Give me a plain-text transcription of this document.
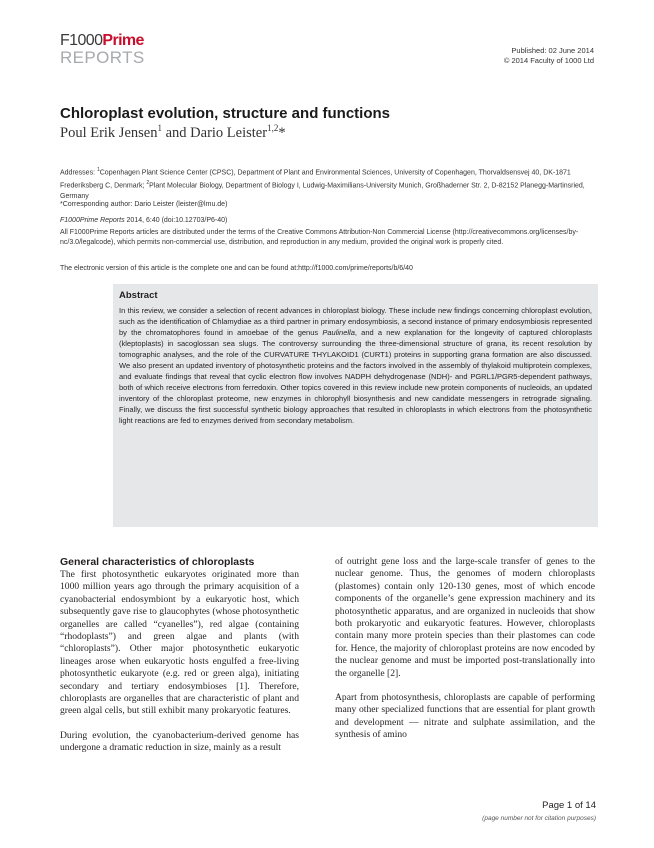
F1000Prime
REPORTS	Published: 02 June 2014
© 2014 Faculty of 1000 Ltd
Chloroplast evolution, structure and functions
Poul Erik Jensen$^1$ and Dario Leister$^{1,2}$*
Addresses: $^1$Copenhagen Plant Science Center (CPSC), Department of Plant and Environmental Sciences, University of Copenhagen, Thorvaldsensvej 40, DK-1871 Frederiksberg C, Denmark; $^2$Plant Molecular Biology, Department of Biology I, Ludwig-Maximilians-University Munich, Großhaderner Str. 2, D-82152 Planegg-Martinsried, Germany
*Corresponding author: Dario Leister (leister@lmu.de)
F1000Prime Reports 2014, 6:40 (doi:10.12703/P6-40)
All F1000Prime Reports articles are distributed under the terms of the Creative Commons Attribution-Non Commercial License (http://creativecommons.org/licenses/by-nc/3.0/legalcode), which permits non-commercial use, distribution, and reproduction in any medium, provided the original work is properly cited.
The electronic version of this article is the complete one and can be found at:http://f1000.com/prime/reports/b/6/40
Abstract
In this review, we consider a selection of recent advances in chloroplast biology. These include new findings concerning chloroplast evolution, such as the identification of Chlamydiae as a third partner in primary endosymbiosis, a second instance of primary endosymbiosis represented by the chromatophores found in amoebae of the genus Paulinella, and a new explanation for the longevity of captured chloroplasts (kleptoplasts) in sacoglossan sea slugs. The controversy surrounding the three-dimensional structure of grana, its recent resolution by tomographic analyses, and the role of the CURVATURE THYLAKOID1 (CURT1) proteins in supporting grana formation are also discussed. We also present an updated inventory of photosynthetic proteins and the factors involved in the assembly of thylakoid multiprotein complexes, and evaluate findings that reveal that cyclic electron flow involves NADPH dehydrogenase (NDH)- and PGRL1/PGR5-dependent pathways, both of which receive electrons from ferredoxin. Other topics covered in this review include new protein components of nucleoids, an updated inventory of the chloroplast proteome, new enzymes in chlorophyll biosynthesis and new candidate messengers in retrograde signaling. Finally, we discuss the first successful synthetic biology approaches that resulted in chloroplasts in which electrons from the photosynthetic light reactions are fed to enzymes derived from secondary metabolism.
General characteristics of chloroplasts

The first photosynthetic eukaryotes originated more than 1000 million years ago through the primary acquisition of a cyanobacterial endosymbiont by a eukaryotic host, which subsequently gave rise to glaucophytes (whose photosynthetic organelles are called “cyanelles”), red algae (containing “rhodoplasts”) and green algae and plants (with “chloroplasts”). Other major photosynthetic eukaryotic lineages arose when eukaryotic hosts engulfed a free-living photosynthetic eukaryote (e.g. red or green alga), initiating secondary and tertiary endosymbioses [1]. Therefore, chloroplasts are organelles that are characteristic of plant and green algal cells, but still exhibit many prokaryotic features.

During evolution, the cyanobacterium-derived genome has undergone a dramatic reduction in size, mainly as a result

of outright gene loss and the large-scale transfer of genes to the nuclear genome. Thus, the genomes of modern chloroplasts (plastomes) contain only 120-130 genes, most of which encode components of the organelle’s gene expression machinery and its photosynthetic apparatus, and are organized in nucleoids that show both prokaryotic and eukaryotic features. However, chloroplasts contain many more protein species than their plastomes can code for. Hence, the majority of chloroplast proteins are now encoded by the nuclear genome and must be imported post-translationally into the organelle [2].

Apart from photosynthesis, chloroplasts are capable of performing many other specialized functions that are essential for plant growth and development — nitrate and sulphate assimilation, and the synthesis of amino

Page 1 of 14
(page number not for citation purposes)
